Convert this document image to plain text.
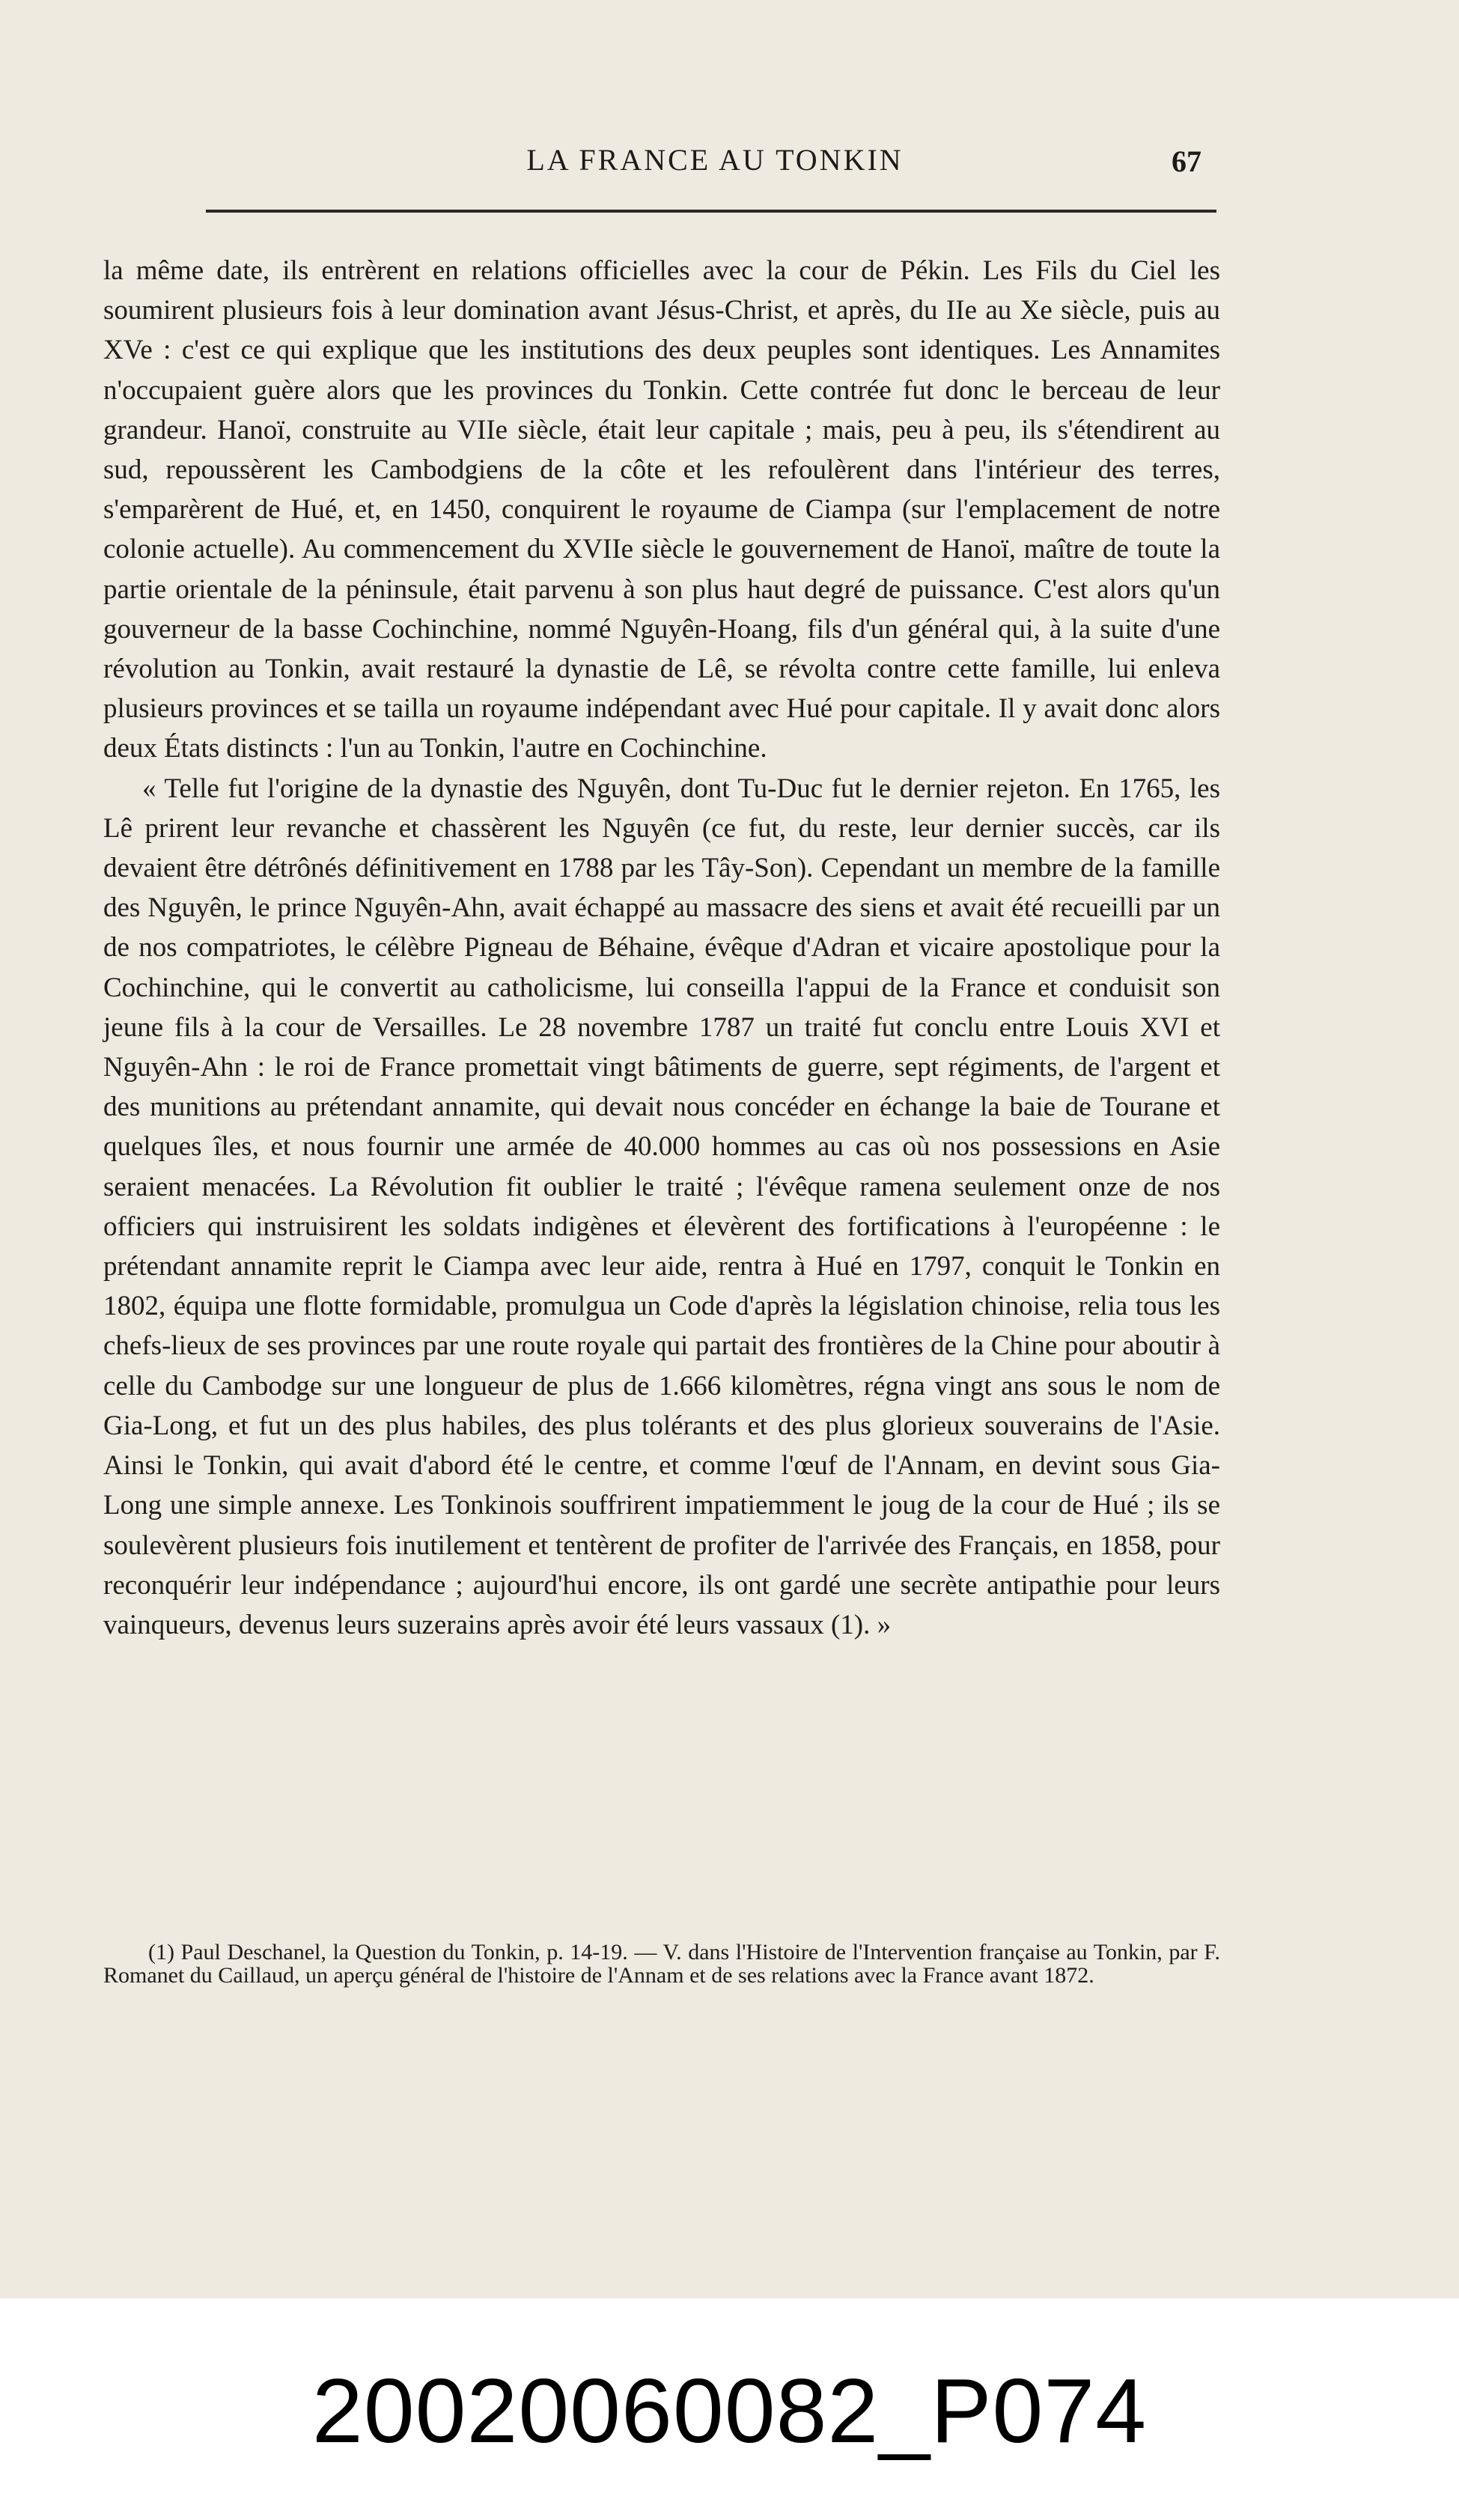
LA FRANCE AU TONKIN	67

la même date, ils entrèrent en relations officielles avec la cour de Pékin. Les Fils du Ciel les soumirent plusieurs fois à leur domination avant Jésus-Christ, et après, du IIe au Xe siècle, puis au XVe : c'est ce qui explique que les institutions des deux peuples sont identiques. Les Annamites n'occupaient guère alors que les provinces du Tonkin. Cette contrée fut donc le berceau de leur grandeur. Hanoï, construite au VIIe siècle, était leur capitale ; mais, peu à peu, ils s'étendirent au sud, repoussèrent les Cambodgiens de la côte et les refoulèrent dans l'intérieur des terres, s'emparèrent de Hué, et, en 1450, conquirent le royaume de Ciampa (sur l'emplacement de notre colonie actuelle). Au commencement du XVIIe siècle le gouvernement de Hanoï, maître de toute la partie orientale de la péninsule, était parvenu à son plus haut degré de puissance. C'est alors qu'un gouverneur de la basse Cochinchine, nommé Nguyên-Hoang, fils d'un général qui, à la suite d'une révolution au Tonkin, avait restauré la dynastie de Lê, se révolta contre cette famille, lui enleva plusieurs provinces et se tailla un royaume indépendant avec Hué pour capitale. Il y avait donc alors deux États distincts : l'un au Tonkin, l'autre en Cochinchine.

« Telle fut l'origine de la dynastie des Nguyên, dont Tu-Duc fut le dernier rejeton. En 1765, les Lê prirent leur revanche et chassèrent les Nguyên (ce fut, du reste, leur dernier succès, car ils devaient être détrônés définitivement en 1788 par les Tây-Son). Cependant un membre de la famille des Nguyên, le prince Nguyên-Ahn, avait échappé au massacre des siens et avait été recueilli par un de nos compatriotes, le célèbre Pigneau de Béhaine, évêque d'Adran et vicaire apostolique pour la Cochinchine, qui le convertit au catholicisme, lui conseilla l'appui de la France et conduisit son jeune fils à la cour de Versailles. Le 28 novembre 1787 un traité fut conclu entre Louis XVI et Nguyên-Ahn : le roi de France promettait vingt bâtiments de guerre, sept régiments, de l'argent et des munitions au prétendant annamite, qui devait nous concéder en échange la baie de Tourane et quelques îles, et nous fournir une armée de 40.000 hommes au cas où nos possessions en Asie seraient menacées. La Révolution fit oublier le traité ; l'évêque ramena seulement onze de nos officiers qui instruisirent les soldats indigènes et élevèrent des fortifications à l'européenne : le prétendant annamite reprit le Ciampa avec leur aide, rentra à Hué en 1797, conquit le Tonkin en 1802, équipa une flotte formidable, promulgua un Code d'après la législation chinoise, relia tous les chefs-lieux de ses provinces par une route royale qui partait des frontières de la Chine pour aboutir à celle du Cambodge sur une longueur de plus de 1.666 kilomètres, régna vingt ans sous le nom de Gia-Long, et fut un des plus habiles, des plus tolérants et des plus glorieux souverains de l'Asie. Ainsi le Tonkin, qui avait d'abord été le centre, et comme l'œuf de l'Annam, en devint sous Gia-Long une simple annexe. Les Tonkinois souffrirent impatiemment le joug de la cour de Hué ; ils se soulevèrent plusieurs fois inutilement et tentèrent de profiter de l'arrivée des Français, en 1858, pour reconquérir leur indépendance ; aujourd'hui encore, ils ont gardé une secrète antipathie pour leurs vainqueurs, devenus leurs suzerains après avoir été leurs vassaux (1). »

(1) Paul Deschanel, la Question du Tonkin, p. 14-19. — V. dans l'Histoire de l'Intervention française au Tonkin, par F. Romanet du Caillaud, un aperçu général de l'histoire de l'Annam et de ses relations avec la France avant 1872.

20020060082_P074
